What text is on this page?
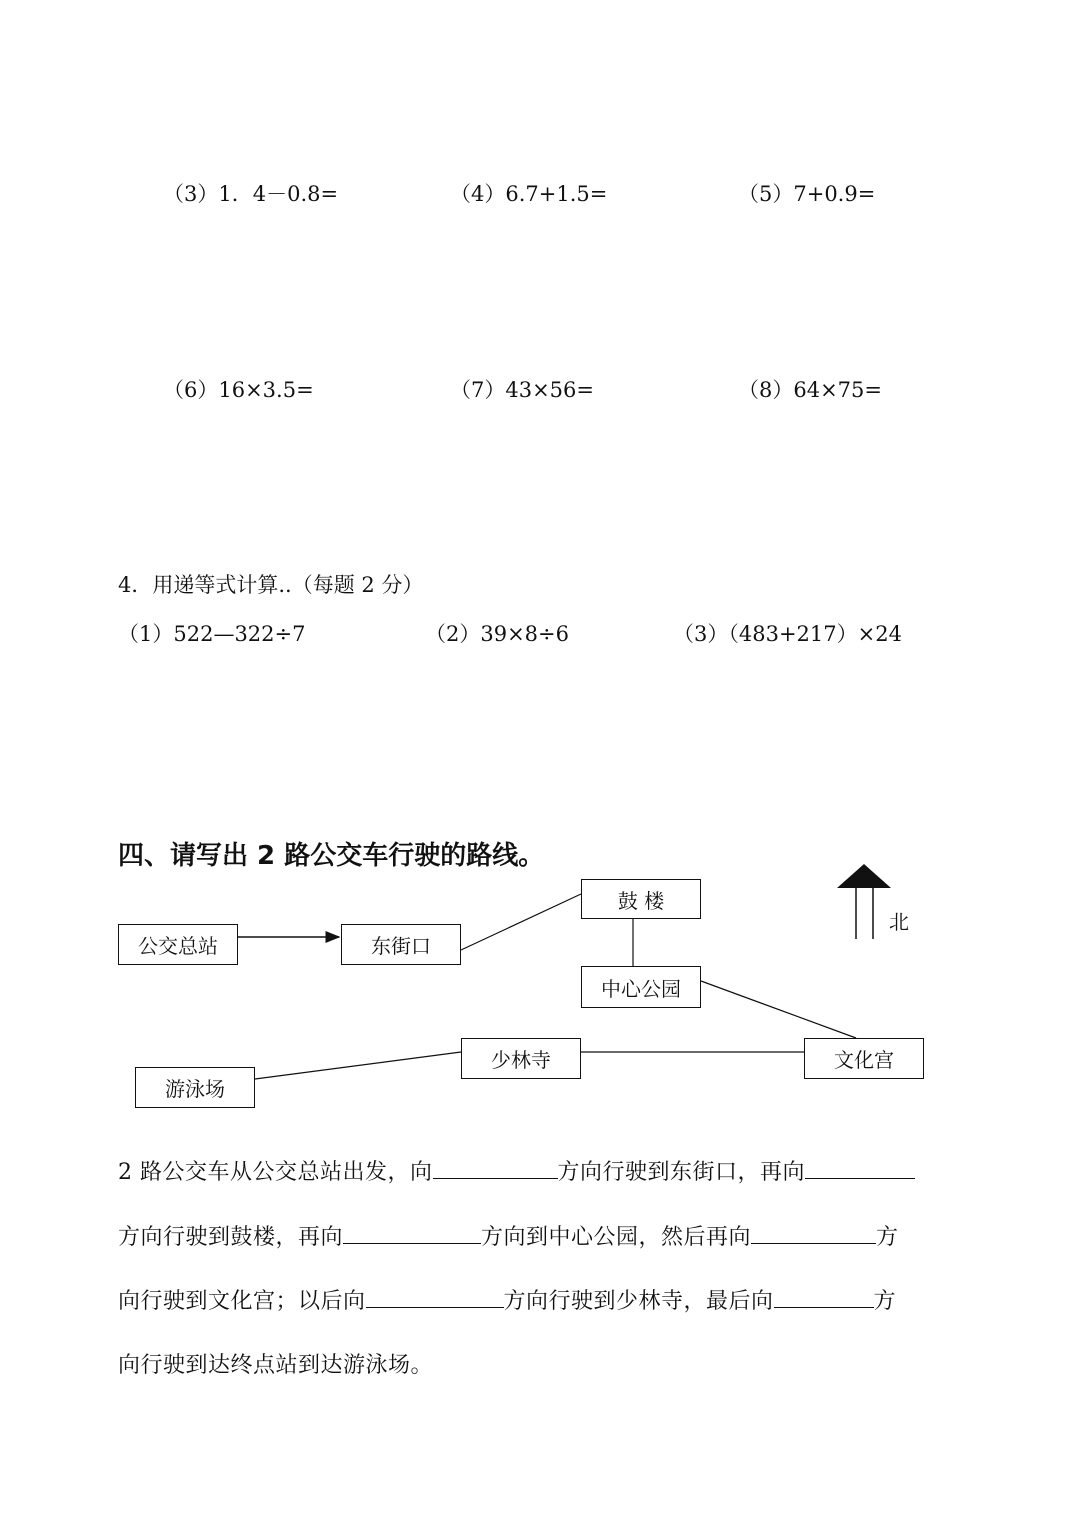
（3）1．4－0.8=	（4）6.7+1.5=	（5）7+0.9=
（6）16×3.5=	（7）43×56=	（8）64×75=
4．用递等式计算..（每题 2 分）
（1）522—322÷7	（2）39×8÷6	（3）（483+217）×24
四、请写出 2 路公交车行驶的路线。
公交总站	东街口
鼓 楼
中心公园
少林寺	文化宫
游泳场
北
2 路公交车从公交总站出发，向	方向行驶到东街口，再向
方向行驶到鼓楼，再向	方向到中心公园，然后再向	方
向行驶到文化宫；以后向	方向行驶到少林寺，最后向	方
向行驶到达终点站到达游泳场。
